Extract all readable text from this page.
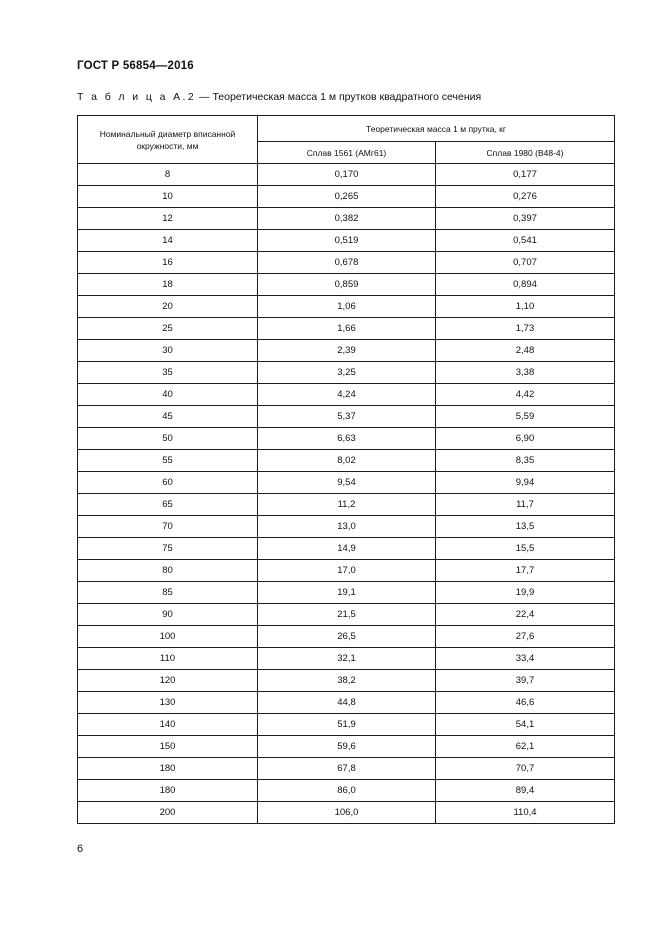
ГОСТ Р 56854—2016
Т а б л и ц а А.2 — Теоретическая масса 1 м прутков квадратного сечения
Номинальный диаметр вписанной окружности, мм	Теоретическая масса 1 м прутка, кг	
	Сплав 1561 (АМг61)	Сплав 1980 (В48-4)
8	0,170	0,177
10	0,265	0,276
12	0,382	0,397
14	0,519	0,541
16	0,678	0,707
18	0,859	0,894
20	1,06	1,10
25	1,66	1,73
30	2,39	2,48
35	3,25	3,38
40	4,24	4,42
45	5,37	5,59
50	6,63	6,90
55	8,02	8,35
60	9,54	9,94
65	11,2	11,7
70	13,0	13,5
75	14,9	15,5
80	17,0	17,7
85	19,1	19,9
90	21,5	22,4
100	26,5	27,6
110	32,1	33,4
120	38,2	39,7
130	44,8	46,6
140	51,9	54,1
150	59,6	62,1
180	67,8	70,7
180	86,0	89,4
200	106,0	110,4
6
